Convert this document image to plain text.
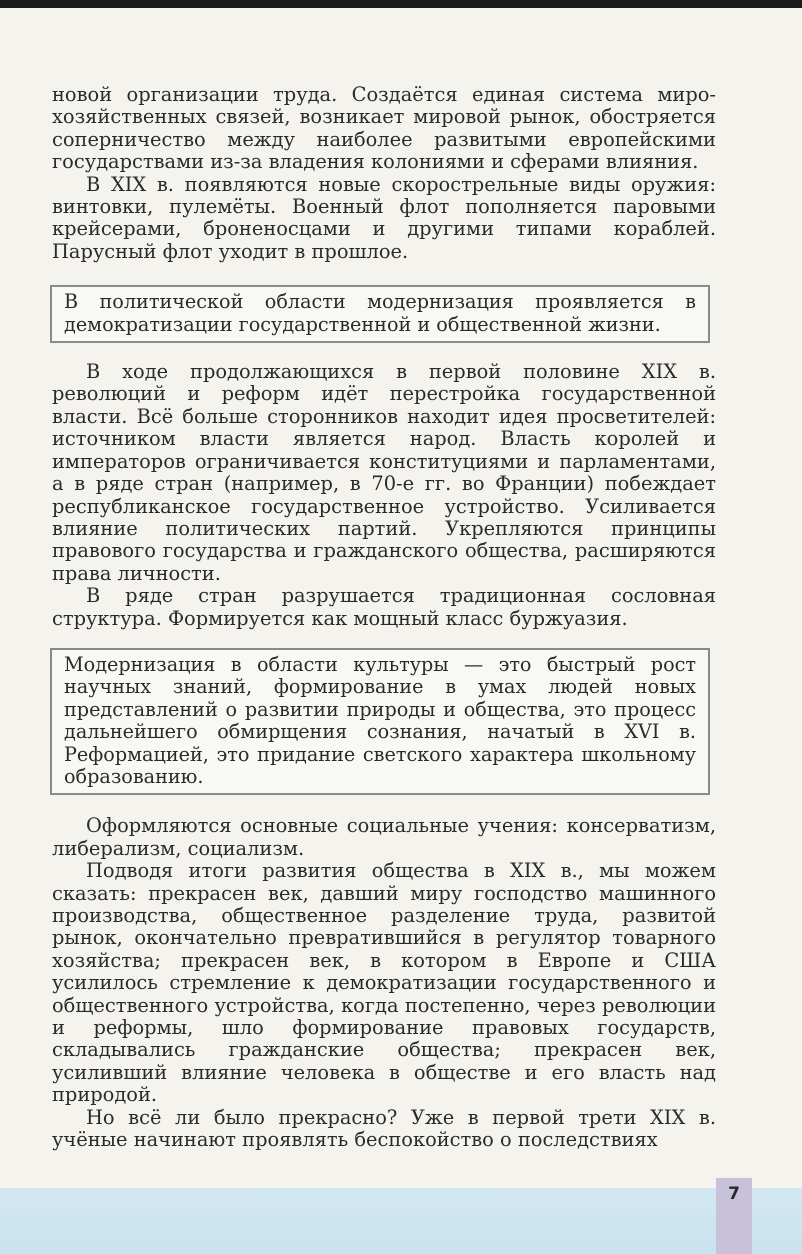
новой организации труда. Создаётся единая система миро-хозяйственных связей, возникает мировой рынок, обостряется соперничество между наиболее развитыми европейскими государствами из-за владения колониями и сферами влияния.

В XIX в. появляются новые скорострельные виды оружия: винтовки, пулемёты. Военный флот пополняется паровыми крейсерами, броненосцами и другими типами кораблей. Парусный флот уходит в прошлое.

В политической области модернизация проявляется в демократизации государственной и общественной жизни.

В ходе продолжающихся в первой половине XIX в. революций и реформ идёт перестройка государственной власти. Всё больше сторонников находит идея просветителей: источником власти является народ. Власть королей и императоров ограничивается конституциями и парламентами, а в ряде стран (например, в 70-е гг. во Франции) побеждает республиканское государственное устройство. Усиливается влияние политических партий. Укрепляются принципы правового государства и гражданского общества, расширяются права личности.

В ряде стран разрушается традиционная сословная структура. Формируется как мощный класс буржуазия.

Модернизация в области культуры — это быстрый рост научных знаний, формирование в умах людей новых представлений о развитии природы и общества, это процесс дальнейшего обмирщения сознания, начатый в XVI в. Реформацией, это придание светского характера школьному образованию.

Оформляются основные социальные учения: консерватизм, либерализм, социализм.

Подводя итоги развития общества в XIX в., мы можем сказать: прекрасен век, давший миру господство машинного производства, общественное разделение труда, развитой рынок, окончательно превратившийся в регулятор товарного хозяйства; прекрасен век, в котором в Европе и США усилилось стремление к демократизации государственного и общественного устройства, когда постепенно, через революции и реформы, шло формирование правовых государств, складывались гражданские общества; прекрасен век, усиливший влияние человека в обществе и его власть над природой.

Но всё ли было прекрасно? Уже в первой трети XIX в. учёные начинают проявлять беспокойство о последствиях

7
